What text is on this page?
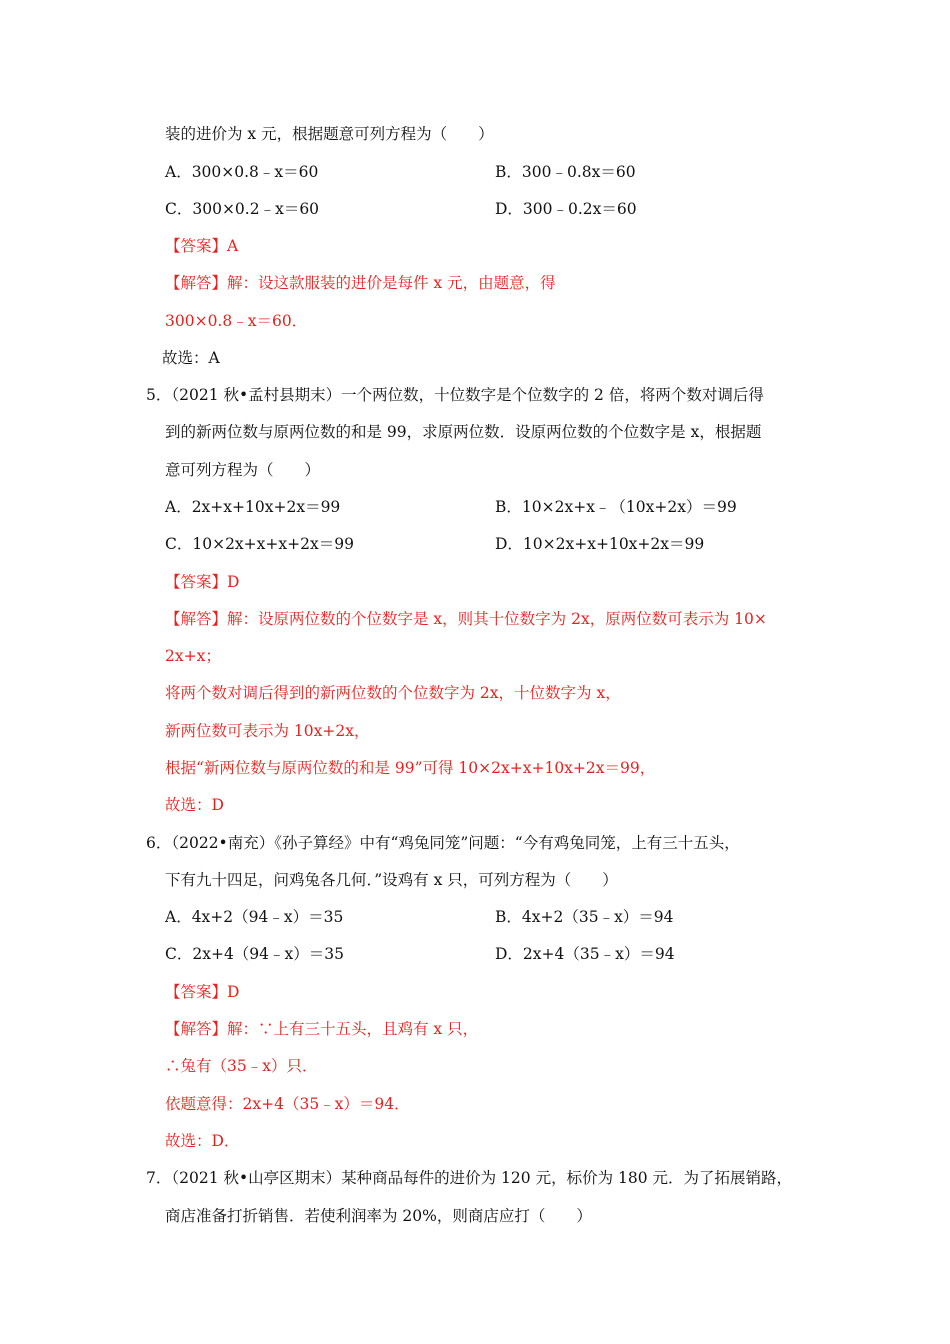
装的进价为 x 元，根据题意可列方程为（　　）
A．300×0.8﹣x＝60	B．300﹣0.8x＝60
C．300×0.2﹣x＝60	D．300﹣0.2x＝60
【答案】A
【解答】解：设这款服装的进价是每件 x 元，由题意，得
300×0.8﹣x＝60．
故选：A
5．（2021 秋•孟村县期末）一个两位数，十位数字是个位数字的 2 倍，将两个数对调后得
到的新两位数与原两位数的和是 99，求原两位数．设原两位数的个位数字是 x，根据题
意可列方程为（　　）
A．2x+x+10x+2x＝99	B．10×2x+x﹣（10x+2x）＝99
C．10×2x+x+x+2x＝99	D．10×2x+x+10x+2x＝99
【答案】D
【解答】解：设原两位数的个位数字是 x，则其十位数字为 2x，原两位数可表示为 10×
2x+x；
将两个数对调后得到的新两位数的个位数字为 2x，十位数字为 x，
新两位数可表示为 10x+2x，
根据“新两位数与原两位数的和是 99”可得 10×2x+x+10x+2x＝99，
故选：D
6．（2022•南充）《孙子算经》中有“鸡兔同笼”问题：“今有鸡兔同笼，上有三十五头，
下有九十四足，问鸡兔各几何．”设鸡有 x 只，可列方程为（　　）
A．4x+2（94﹣x）＝35	B．4x+2（35﹣x）＝94
C．2x+4（94﹣x）＝35	D．2x+4（35﹣x）＝94
【答案】D
【解答】解：∵上有三十五头，且鸡有 x 只，
∴兔有（35﹣x）只．
依题意得：2x+4（35﹣x）＝94．
故选：D．
7．（2021 秋•山亭区期末）某种商品每件的进价为 120 元，标价为 180 元．为了拓展销路，
商店准备打折销售．若使利润率为 20%，则商店应打（　　）
